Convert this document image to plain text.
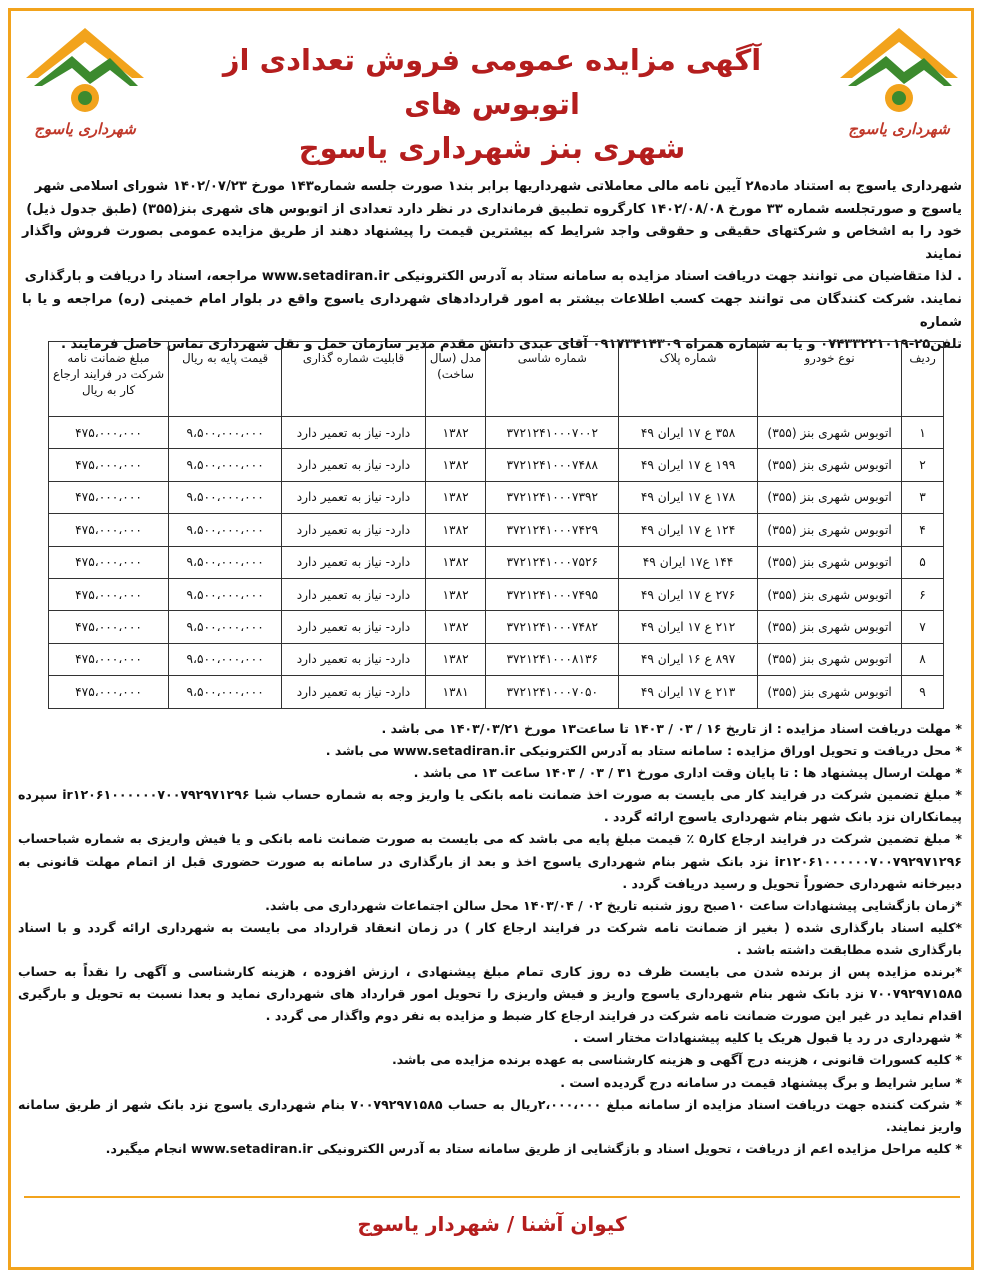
شهرداری یاسوج
آگهی مزایده عمومی فروش تعدادی از اتوبوس های
شهری بنز شهرداری یاسوج
شهرداری یاسوج
شهرداری یاسوج به استناد ماده۲۸ آیین نامه مالی معاملاتی شهرداریها برابر بند۱ صورت جلسه شماره۱۴۳ مورخ ۱۴۰۲/۰۷/۲۳ شورای اسلامی شهر
یاسوج و صورتجلسه شماره ۳۳ مورخ ۱۴۰۲/۰۸/۰۸ کارگروه تطبیق فرمانداری در نظر دارد تعدادی از اتوبوس های شهری بنز(۳۵۵) (طبق جدول ذیل)
خود را به اشخاص و شرکتهای حقیقی و حقوقی واجد شرایط که بیشترین قیمت را پیشنهاد دهند از طریق مزایده عمومی بصورت فروش واگذار نمایند
. لذا متقاضیان می توانند جهت دریافت اسناد مزایده به سامانه ستاد به آدرس الکترونیکی www.setadiran.ir مراجعه، اسناد را دریافت و بارگذاری
نمایند. شرکت کنندگان می توانند جهت کسب اطلاعات بیشتر به امور قراردادهای شهرداری یاسوج واقع در بلوار امام خمینی (ره) مراجعه و یا با شماره
تلفن۲۵-۰۷۴۳۳۲۲۱۰۱۹ و یا به شماره همراه ۰۹۱۷۳۴۱۴۳۰۹ آقای عبدی دانش مقدم مدیر سازمان حمل و نقل شهرداری تماس حاصل فرمایند .
ردیف	نوع خودرو	شماره پلاک	شماره شاسی	مدل (سال ساخت)	قابلیت شماره گذاری	قیمت پایه به ریال	مبلغ ضمانت نامه شرکت در فرایند ارجاع کار به ریال
۱	اتوبوس شهری بنز (۳۵۵)	۳۵۸ ع ۱۷ ایران ۴۹	۳۷۲۱۲۴۱۰۰۰۷۰۰۲	۱۳۸۲	دارد- نیاز به تعمیر دارد	۹،۵۰۰،۰۰۰،۰۰۰	۴۷۵،۰۰۰،۰۰۰
۲	اتوبوس شهری بنز (۳۵۵)	۱۹۹ ع ۱۷ ایران ۴۹	۳۷۲۱۲۴۱۰۰۰۷۴۸۸	۱۳۸۲	دارد- نیاز به تعمیر دارد	۹،۵۰۰،۰۰۰،۰۰۰	۴۷۵،۰۰۰،۰۰۰
۳	اتوبوس شهری بنز (۳۵۵)	۱۷۸ ع ۱۷ ایران ۴۹	۳۷۲۱۲۴۱۰۰۰۷۳۹۲	۱۳۸۲	دارد- نیاز به تعمیر دارد	۹،۵۰۰،۰۰۰،۰۰۰	۴۷۵،۰۰۰،۰۰۰
۴	اتوبوس شهری بنز (۳۵۵)	۱۲۴ ع ۱۷ ایران ۴۹	۳۷۲۱۲۴۱۰۰۰۷۴۲۹	۱۳۸۲	دارد- نیاز به تعمیر دارد	۹،۵۰۰،۰۰۰،۰۰۰	۴۷۵،۰۰۰،۰۰۰
۵	اتوبوس شهری بنز (۳۵۵)	۱۴۴ ع۱۷ ایران ۴۹	۳۷۲۱۲۴۱۰۰۰۷۵۲۶	۱۳۸۲	دارد- نیاز به تعمیر دارد	۹،۵۰۰،۰۰۰،۰۰۰	۴۷۵،۰۰۰،۰۰۰
۶	اتوبوس شهری بنز (۳۵۵)	۲۷۶ ع ۱۷ ایران ۴۹	۳۷۲۱۲۴۱۰۰۰۷۴۹۵	۱۳۸۲	دارد- نیاز به تعمیر دارد	۹،۵۰۰،۰۰۰،۰۰۰	۴۷۵،۰۰۰،۰۰۰
۷	اتوبوس شهری بنز (۳۵۵)	۲۱۲ ع ۱۷ ایران ۴۹	۳۷۲۱۲۴۱۰۰۰۷۴۸۲	۱۳۸۲	دارد- نیاز به تعمیر دارد	۹،۵۰۰،۰۰۰،۰۰۰	۴۷۵،۰۰۰،۰۰۰
۸	اتوبوس شهری بنز (۳۵۵)	۸۹۷ ع ۱۶ ایران ۴۹	۳۷۲۱۲۴۱۰۰۰۸۱۳۶	۱۳۸۲	دارد- نیاز به تعمیر دارد	۹،۵۰۰،۰۰۰،۰۰۰	۴۷۵،۰۰۰،۰۰۰
۹	اتوبوس شهری بنز (۳۵۵)	۲۱۳ ع ۱۷ ایران ۴۹	۳۷۲۱۲۴۱۰۰۰۷۰۵۰	۱۳۸۱	دارد- نیاز به تعمیر دارد	۹،۵۰۰،۰۰۰،۰۰۰	۴۷۵،۰۰۰،۰۰۰

* مهلت دریافت اسناد مزایده : از تاریخ ۱۶ / ۰۳ / ۱۴۰۳ تا ساعت۱۳ مورخ ۱۴۰۳/۰۳/۲۱ می باشد .

* محل دریافت و تحویل اوراق مزایده : سامانه ستاد به آدرس الکترونیکی www.setadiran.ir می باشد .

* مهلت ارسال پیشنهاد ها : تا پایان وقت اداری مورخ ۳۱ / ۰۳ / ۱۴۰۳ ساعت ۱۳ می باشد .

* مبلغ تضمین شرکت در فرایند کار می بایست به صورت اخذ ضمانت نامه بانکی یا واریز وجه به شماره حساب شبا ir۱۲۰۶۱۰۰۰۰۰۰۷۰۰۷۹۲۹۷۱۲۹۶ سپرده پیمانکاران نزد بانک شهر بنام شهرداری یاسوج ارائه گردد .

* مبلغ تضمین شرکت در فرایند ارجاع کار۵ ٪ قیمت مبلغ پایه می باشد که می بایست به صورت ضمانت نامه بانکی و یا فیش واریزی به شماره شباحساب ir۱۲۰۶۱۰۰۰۰۰۰۷۰۰۷۹۲۹۷۱۲۹۶ نزد بانک شهر بنام شهرداری یاسوج اخذ و بعد از بارگذاری در سامانه به صورت حضوری قبل از اتمام مهلت قانونی به دبیرخانه شهرداری حضوراً تحویل و رسید دریافت گردد .

*زمان بازگشایی پیشنهادات ساعت ۱۰صبح روز شنبه تاریخ ۰۲ / ۱۴۰۳/۰۴ محل سالن اجتماعات شهرداری می باشد.

*کلیه اسناد بارگذاری شده ( بغیر از ضمانت نامه شرکت در فرایند ارجاع کار ) در زمان انعقاد قرارداد می بایست به شهرداری ارائه گردد و با اسناد بارگذاری شده مطابقت داشته باشد .

*برنده مزایده پس از برنده شدن می بایست ظرف ده روز کاری تمام مبلغ پیشنهادی ، ارزش افزوده ، هزینه کارشناسی و آگهی را نقداً به حساب ۷۰۰۷۹۲۹۷۱۵۸۵ نزد بانک شهر بنام شهرداری یاسوج واریز و فیش واریزی را تحویل امور قرارداد های شهرداری نماید و بعدا نسبت به تحویل و بارگیری اقدام نماید در غیر این صورت ضمانت نامه شرکت در فرایند ارجاع کار ضبط و مزایده به نفر دوم واگذار می گردد .

* شهرداری در رد یا قبول هریک یا کلیه پیشنهادات مختار است .

* کلیه کسورات قانونی ، هزینه درج آگهی و هزینه کارشناسی به عهده برنده مزایده می باشد.

* سایر شرایط و برگ پیشنهاد قیمت در سامانه درج گردیده است .

* شرکت کننده جهت دریافت اسناد مزایده از سامانه مبلغ ۲،۰۰۰،۰۰۰ریال به حساب ۷۰۰۷۹۲۹۷۱۵۸۵ بنام شهرداری یاسوج نزد بانک شهر از طریق سامانه واریز نمایند.

* کلیه مراحل مزایده اعم از دریافت ، تحویل اسناد و بازگشایی از طریق سامانه ستاد به آدرس الکترونیکی www.setadiran.ir انجام میگیرد.

کیوان آشنا / شهردار یاسوج
